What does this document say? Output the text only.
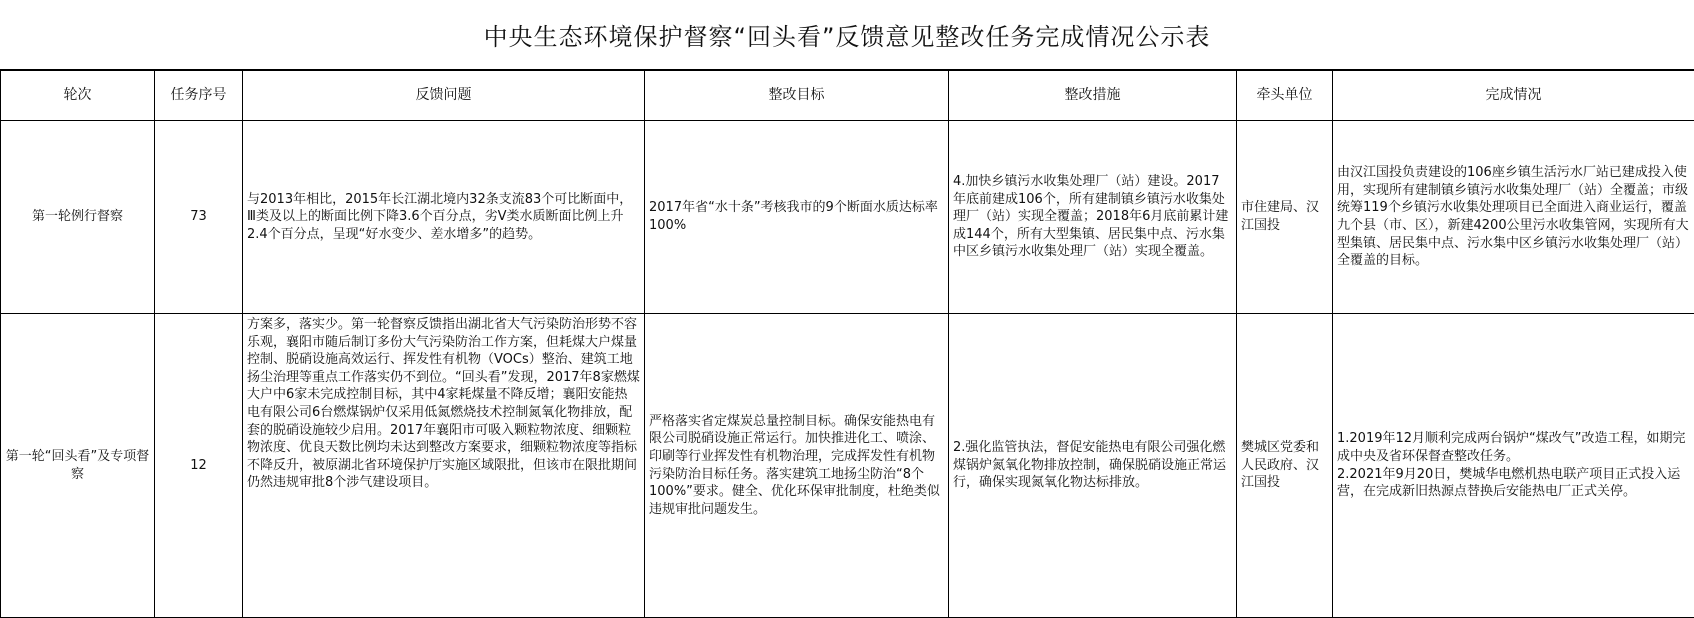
中央生态环境保护督察“回头看”反馈意见整改任务完成情况公示表
轮次	任务序号	反馈问题	整改目标	整改措施	牵头单位	完成情况
第一轮例行督察	73	与2013年相比，2015年长江湖北境内32条支流83个可比断面中，Ⅲ类及以上的断面比例下降3.6个百分点，劣Ⅴ类水质断面比例上升2.4个百分点，呈现“好水变少、差水增多”的趋势。	2017年省“水十条”考核我市的9个断面水质达标率100%	4.加快乡镇污水收集处理厂（站）建设。2017年底前建成106个，所有建制镇乡镇污水收集处理厂（站）实现全覆盖；2018年6月底前累计建成144个，所有大型集镇、居民集中点、污水集中区乡镇污水收集处理厂（站）实现全覆盖。	市住建局、汉江国投	由汉江国投负责建设的106座乡镇生活污水厂站已建成投入使用，实现所有建制镇乡镇污水收集处理厂（站）全覆盖；市级统筹119个乡镇污水收集处理项目已全面进入商业运行，覆盖九个县（市、区），新建4200公里污水收集管网，实现所有大型集镇、居民集中点、污水集中区乡镇污水收集处理厂（站）全覆盖的目标。
第一轮“回头看”及专项督察	12	方案多，落实少。第一轮督察反馈指出湖北省大气污染防治形势不容乐观，襄阳市随后制订多份大气污染防治工作方案，但耗煤大户煤量控制、脱硝设施高效运行、挥发性有机物（VOCs）整治、建筑工地扬尘治理等重点工作落实仍不到位。“回头看”发现，2017年8家燃煤大户中6家未完成控制目标，其中4家耗煤量不降反增；襄阳安能热电有限公司6台燃煤锅炉仅采用低氮燃烧技术控制氮氧化物排放，配套的脱硝设施较少启用。2017年襄阳市可吸入颗粒物浓度、细颗粒物浓度、优良天数比例均未达到整改方案要求，细颗粒物浓度等指标不降反升，被原湖北省环境保护厅实施区域限批，但该市在限批期间仍然违规审批8个涉气建设项目。	严格落实省定煤炭总量控制目标。确保安能热电有限公司脱硝设施正常运行。加快推进化工、喷涂、印刷等行业挥发性有机物治理，完成挥发性有机物污染防治目标任务。落实建筑工地扬尘防治“8个100%”要求。健全、优化环保审批制度，杜绝类似违规审批问题发生。	2.强化监管执法，督促安能热电有限公司强化燃煤锅炉氮氧化物排放控制，确保脱硝设施正常运行，确保实现氮氧化物达标排放。	樊城区党委和人民政府、汉江国投	1.2019年12月顺利完成两台锅炉“煤改气”改造工程，如期完成中央及省环保督查整改任务。
2.2021年9月20日，樊城华电燃机热电联产项目正式投入运营，在完成新旧热源点替换后安能热电厂正式关停。
